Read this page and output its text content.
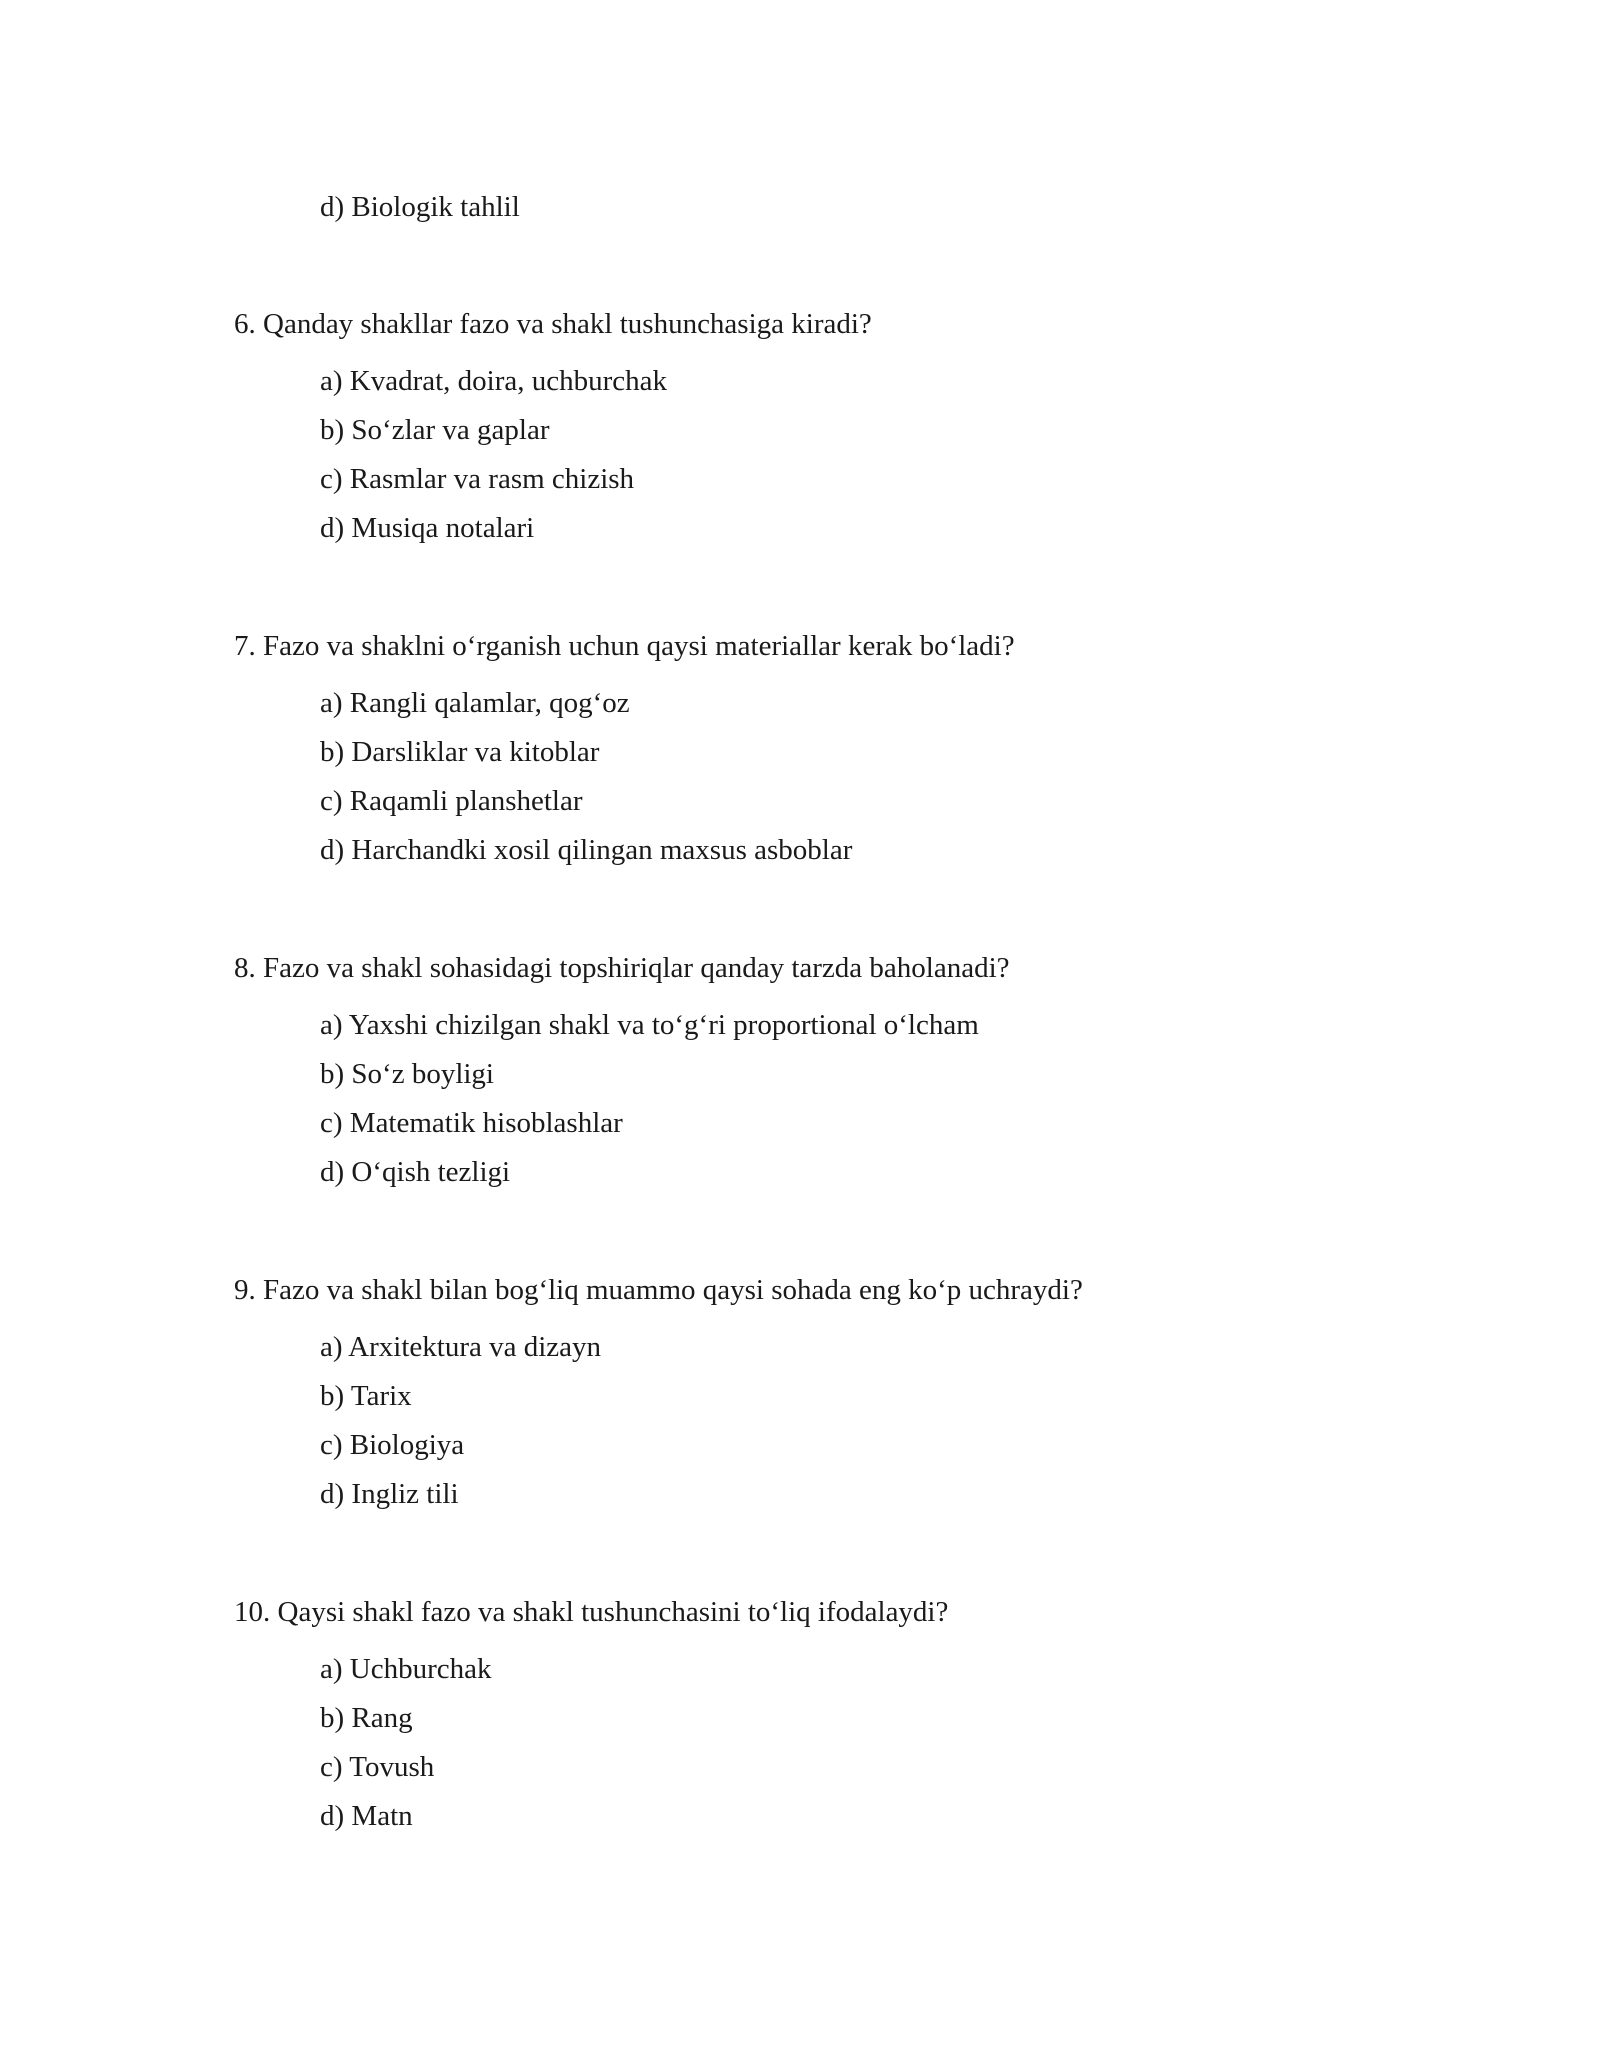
d) Biologik tahlil
6. Qanday shakllar fazo va shakl tushunchasiga kiradi?
a) Kvadrat, doira, uchburchak
b) So‘zlar va gaplar
c) Rasmlar va rasm chizish
d) Musiqa notalari
7. Fazo va shaklni o‘rganish uchun qaysi materiallar kerak bo‘ladi?
a) Rangli qalamlar, qog‘oz
b) Darsliklar va kitoblar
c) Raqamli planshetlar
d) Harchandki xosil qilingan maxsus asboblar
8. Fazo va shakl sohasidagi topshiriqlar qanday tarzda baholanadi?
a) Yaxshi chizilgan shakl va to‘g‘ri proportional o‘lcham
b) So‘z boyligi
c) Matematik hisoblashlar
d) O‘qish tezligi
9. Fazo va shakl bilan bog‘liq muammo qaysi sohada eng ko‘p uchraydi?
a) Arxitektura va dizayn
b) Tarix
c) Biologiya
d) Ingliz tili
10. Qaysi shakl fazo va shakl tushunchasini to‘liq ifodalaydi?
a) Uchburchak
b) Rang
c) Tovush
d) Matn
